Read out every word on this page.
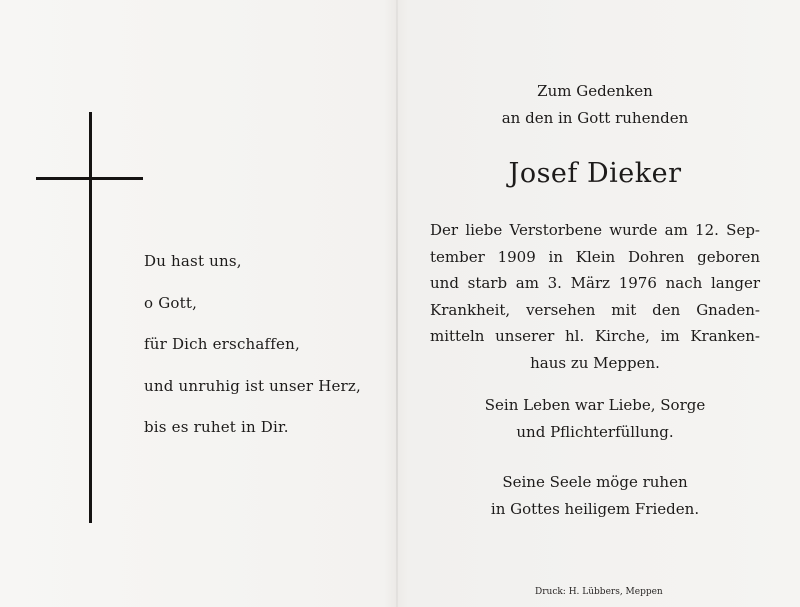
Du hast uns,
o Gott,
für Dich erschaffen,
und unruhig ist unser Herz,
bis es ruhet in Dir.
Zum Gedenken
an den in Gott ruhenden
Josef Dieker
Der liebe Verstorbene wurde am 12. Sep-
tember 1909 in Klein Dohren geboren
und starb am 3. März 1976 nach langer
Krankheit, versehen mit den Gnaden-
mitteln unserer hl. Kirche, im Kranken-
haus zu Meppen.
Sein Leben war Liebe, Sorge
und Pflichterfüllung.
Seine Seele möge ruhen
in Gottes heiligem Frieden.
Druck: H. Lübbers, Meppen
